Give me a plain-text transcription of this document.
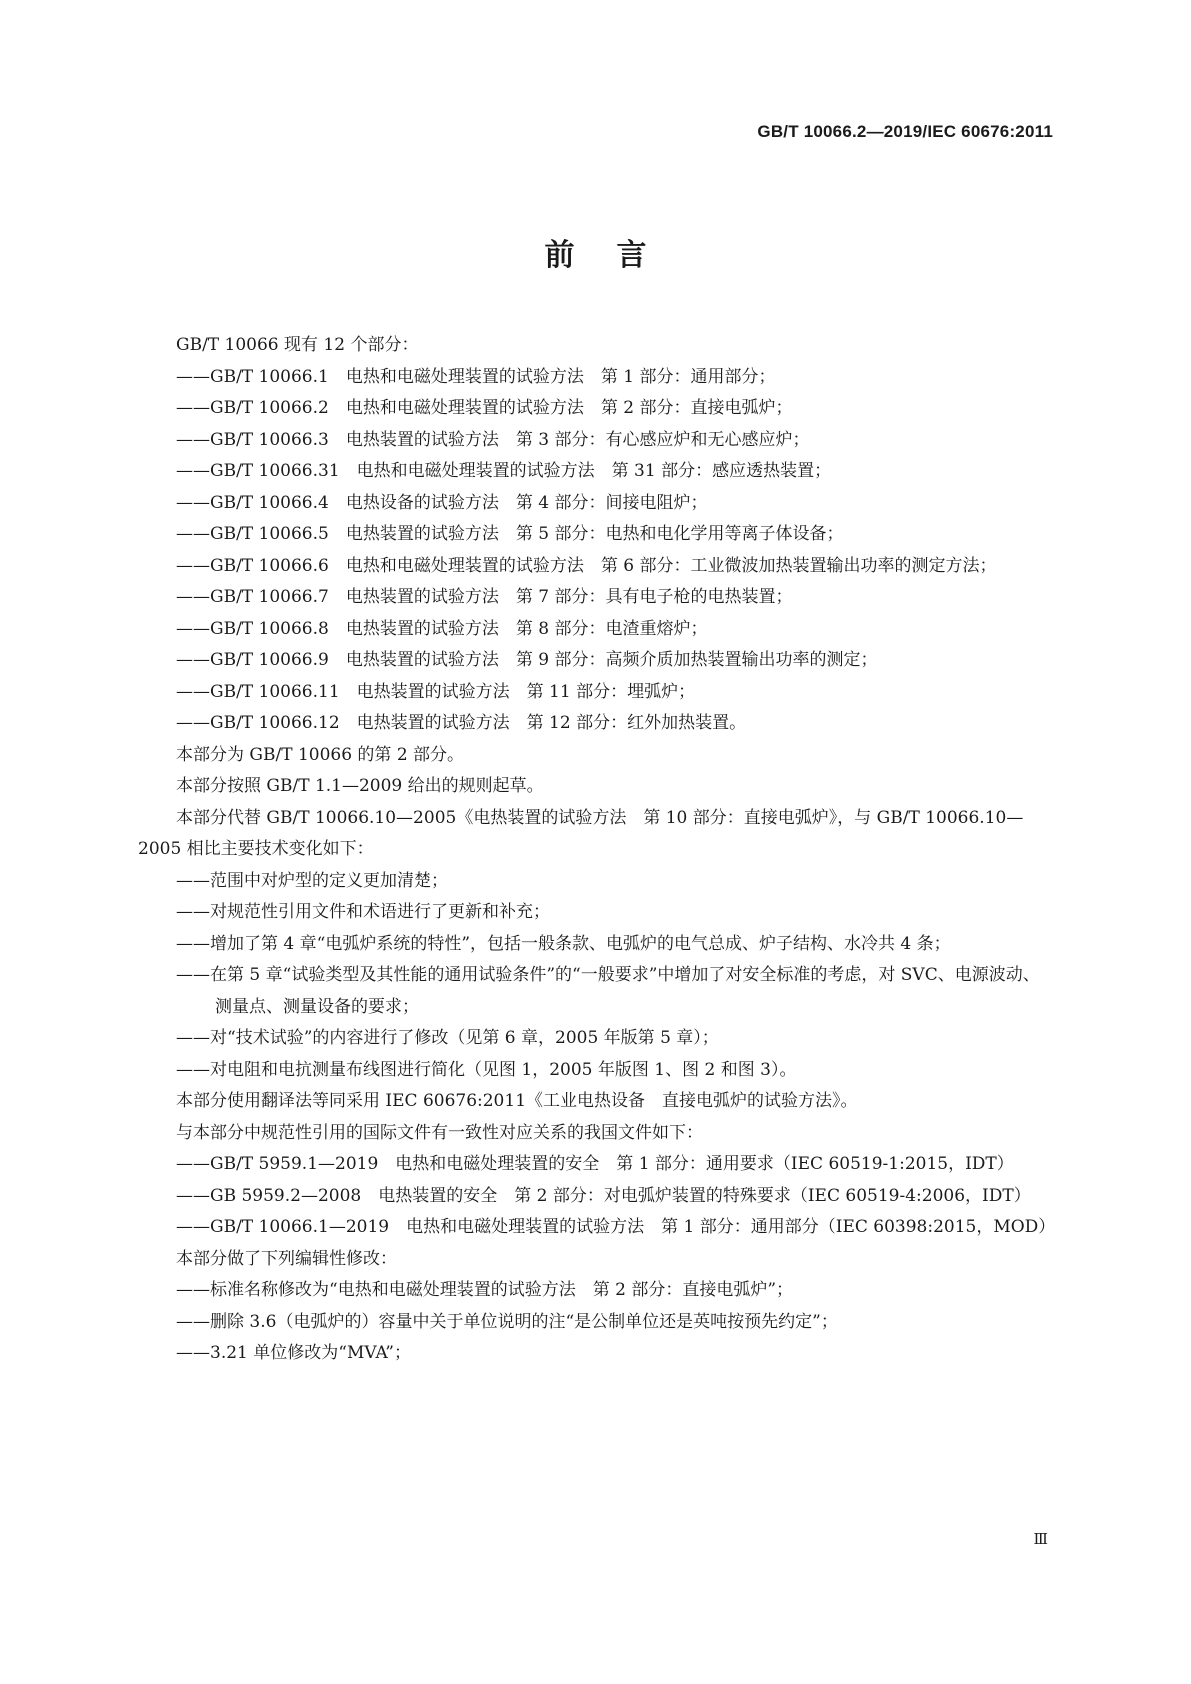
GB/T 10066.2—2019/IEC 60676:2011
前言

GB/T 10066 现有 12 个部分：

——GB/T 10066.1　电热和电磁处理装置的试验方法　第 1 部分：通用部分；

——GB/T 10066.2　电热和电磁处理装置的试验方法　第 2 部分：直接电弧炉；

——GB/T 10066.3　电热装置的试验方法　第 3 部分：有心感应炉和无心感应炉；

——GB/T 10066.31　电热和电磁处理装置的试验方法　第 31 部分：感应透热装置；

——GB/T 10066.4　电热设备的试验方法　第 4 部分：间接电阻炉；

——GB/T 10066.5　电热装置的试验方法　第 5 部分：电热和电化学用等离子体设备；

——GB/T 10066.6　电热和电磁处理装置的试验方法　第 6 部分：工业微波加热装置输出功率的测定方法；

——GB/T 10066.7　电热装置的试验方法　第 7 部分：具有电子枪的电热装置；

——GB/T 10066.8　电热装置的试验方法　第 8 部分：电渣重熔炉；

——GB/T 10066.9　电热装置的试验方法　第 9 部分：高频介质加热装置输出功率的测定；

——GB/T 10066.11　电热装置的试验方法　第 11 部分：埋弧炉；

——GB/T 10066.12　电热装置的试验方法　第 12 部分：红外加热装置。

本部分为 GB/T 10066 的第 2 部分。

本部分按照 GB/T 1.1—2009 给出的规则起草。

本部分代替 GB/T 10066.10—2005《电热装置的试验方法　第 10 部分：直接电弧炉》，与 GB/T 10066.10—2005 相比主要技术变化如下：

——范围中对炉型的定义更加清楚；

——对规范性引用文件和术语进行了更新和补充；

——增加了第 4 章“电弧炉系统的特性”，包括一般条款、电弧炉的电气总成、炉子结构、水冷共 4 条；

——在第 5 章“试验类型及其性能的通用试验条件”的“一般要求”中增加了对安全标准的考虑，对 SVC、电源波动、测量点、测量设备的要求；

——对“技术试验”的内容进行了修改（见第 6 章，2005 年版第 5 章）；

——对电阻和电抗测量布线图进行简化（见图 1，2005 年版图 1、图 2 和图 3）。

本部分使用翻译法等同采用 IEC 60676:2011《工业电热设备　直接电弧炉的试验方法》。

与本部分中规范性引用的国际文件有一致性对应关系的我国文件如下：

——GB/T 5959.1—2019　电热和电磁处理装置的安全　第 1 部分：通用要求（IEC 60519-1:2015，IDT）

——GB 5959.2—2008　电热装置的安全　第 2 部分：对电弧炉装置的特殊要求（IEC 60519-4:2006，IDT）

——GB/T 10066.1—2019　电热和电磁处理装置的试验方法　第 1 部分：通用部分（IEC 60398:2015，MOD）

本部分做了下列编辑性修改：

——标准名称修改为“电热和电磁处理装置的试验方法　第 2 部分：直接电弧炉”；

——删除 3.6（电弧炉的）容量中关于单位说明的注“是公制单位还是英吨按预先约定”；

——3.21 单位修改为“MVA”；

Ⅲ
